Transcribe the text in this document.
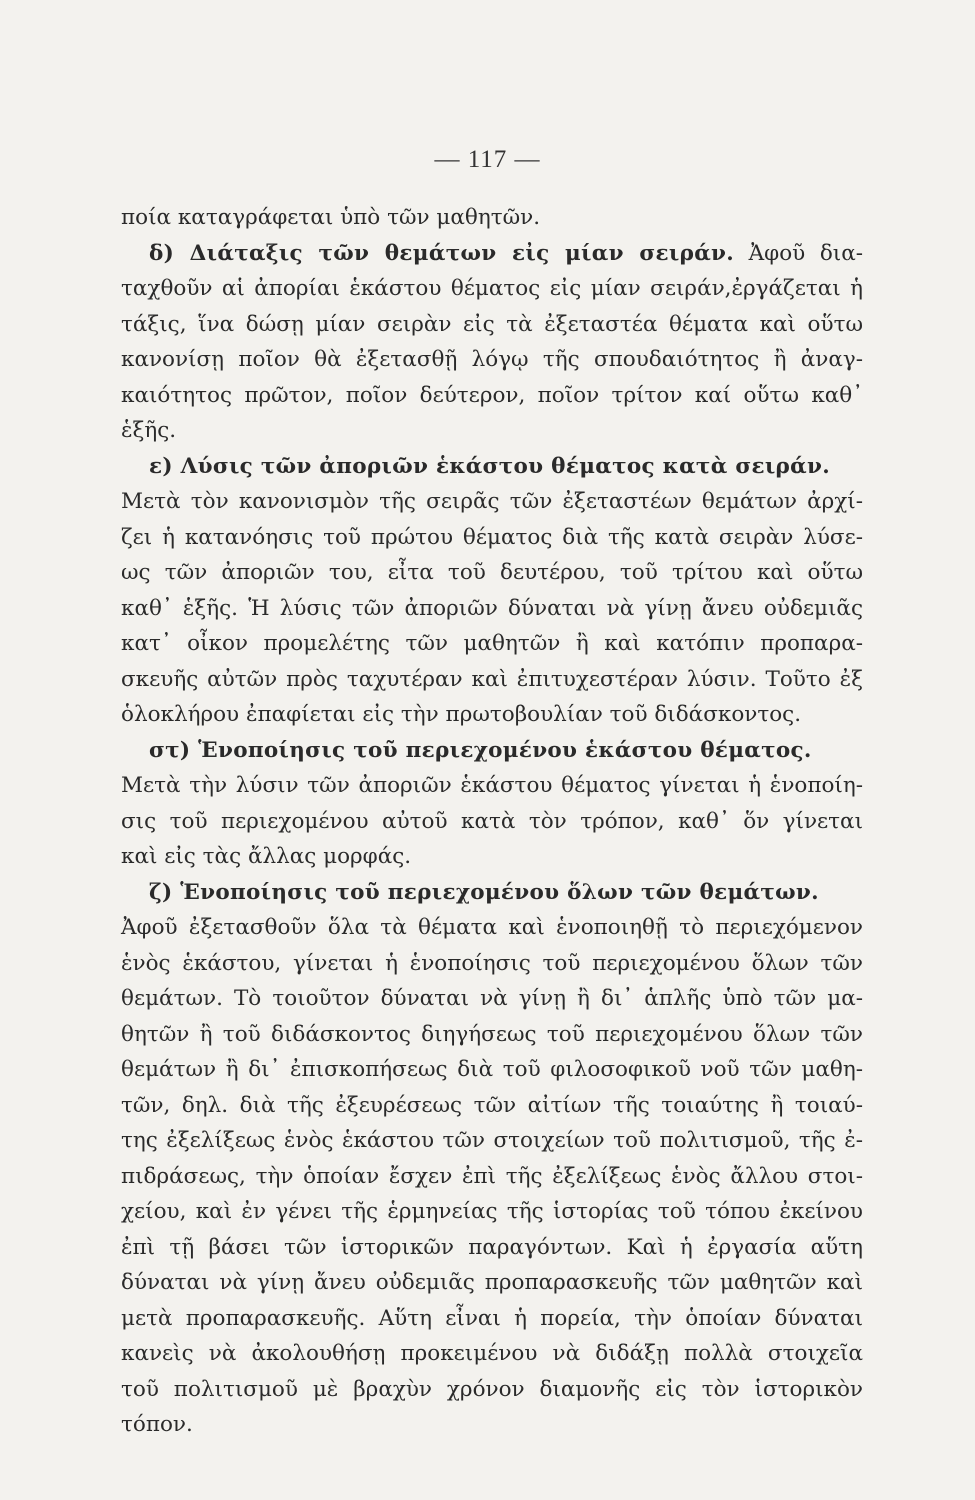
— 117 —
ποία καταγράφεται ὑπὸ τῶν μαθητῶν.
δ) Διάταξις τῶν θεμάτων εἰς μίαν σειράν. Ἀφοῦ δια-
ταχθοῦν αἱ ἀπορίαι ἑκάστου θέματος εἰς μίαν σειράν,ἐργάζεται ἡ
τάξις, ἵνα δώσῃ μίαν σειρὰν εἰς τὰ ἐξεταστέα θέματα καὶ οὕτω
κανονίσῃ ποῖον θὰ ἐξετασθῇ λόγῳ τῆς σπουδαιότητος ἢ ἀναγ-
καιότητος πρῶτον, ποῖον δεύτερον, ποῖον τρίτον καί οὕτω καθ᾽
ἑξῆς.
ε) Λύσις τῶν ἀποριῶν ἑκάστου θέματος κατὰ σειράν.
Μετὰ τὸν κανονισμὸν τῆς σειρᾶς τῶν ἐξεταστέων θεμάτων ἀρχί-
ζει ἡ κατανόησις τοῦ πρώτου θέματος διὰ τῆς κατὰ σειρὰν λύσε-
ως τῶν ἀποριῶν του, εἶτα τοῦ δευτέρου, τοῦ τρίτου καὶ οὕτω
καθ᾽ ἑξῆς. Ἡ λύσις τῶν ἀποριῶν δύναται νὰ γίνῃ ἄνευ οὐδεμιᾶς
κατ᾽ οἶκον προμελέτης τῶν μαθητῶν ἢ καὶ κατόπιν προπαρα-
σκευῆς αὐτῶν πρὸς ταχυτέραν καὶ ἐπιτυχεστέραν λύσιν. Τοῦτο ἐξ
ὁλοκλήρου ἐπαφίεται εἰς τὴν πρωτοβουλίαν τοῦ διδάσκοντος.
στ) Ἑνοποίησις τοῦ περιεχομένου ἑκάστου θέματος.
Μετὰ τὴν λύσιν τῶν ἀποριῶν ἑκάστου θέματος γίνεται ἡ ἑνοποίη-
σις τοῦ περιεχομένου αὐτοῦ κατὰ τὸν τρόπον, καθ᾽ ὅν γίνεται
καὶ εἰς τὰς ἄλλας μορφάς.
ζ) Ἑνοποίησις τοῦ περιεχομένου ὅλων τῶν θεμάτων.
Ἀφοῦ ἐξετασθοῦν ὅλα τὰ θέματα καὶ ἑνοποιηθῇ τὸ περιεχόμενον
ἑνὸς ἑκάστου, γίνεται ἡ ἑνοποίησις τοῦ περιεχομένου ὅλων τῶν
θεμάτων. Τὸ τοιοῦτον δύναται νὰ γίνῃ ἢ δι᾽ ἁπλῆς ὑπὸ τῶν μα-
θητῶν ἢ τοῦ διδάσκοντος διηγήσεως τοῦ περιεχομένου ὅλων τῶν
θεμάτων ἢ δι᾽ ἐπισκοπήσεως διὰ τοῦ φιλοσοφικοῦ νοῦ τῶν μαθη-
τῶν, δηλ. διὰ τῆς ἐξευρέσεως τῶν αἰτίων τῆς τοιαύτης ἢ τοιαύ-
της ἐξελίξεως ἑνὸς ἑκάστου τῶν στοιχείων τοῦ πολιτισμοῦ, τῆς ἐ-
πιδράσεως, τὴν ὁποίαν ἔσχεν ἐπὶ τῆς ἐξελίξεως ἑνὸς ἄλλου στοι-
χείου, καὶ ἐν γένει τῆς ἑρμηνείας τῆς ἱστορίας τοῦ τόπου ἐκείνου
ἐπὶ τῇ βάσει τῶν ἱστορικῶν παραγόντων. Καὶ ἡ ἐργασία αὕτη
δύναται νὰ γίνῃ ἄνευ οὐδεμιᾶς προπαρασκευῆς τῶν μαθητῶν καὶ
μετὰ προπαρασκευῆς. Αὕτη εἶναι ἡ πορεία, τὴν ὁποίαν δύναται
κανεὶς νὰ ἀκολουθήσῃ προκειμένου νὰ διδάξῃ πολλὰ στοιχεῖα
τοῦ πολιτισμοῦ μὲ βραχὺν χρόνον διαμονῆς εἰς τὸν ἱστορικὸν
τόπον.
